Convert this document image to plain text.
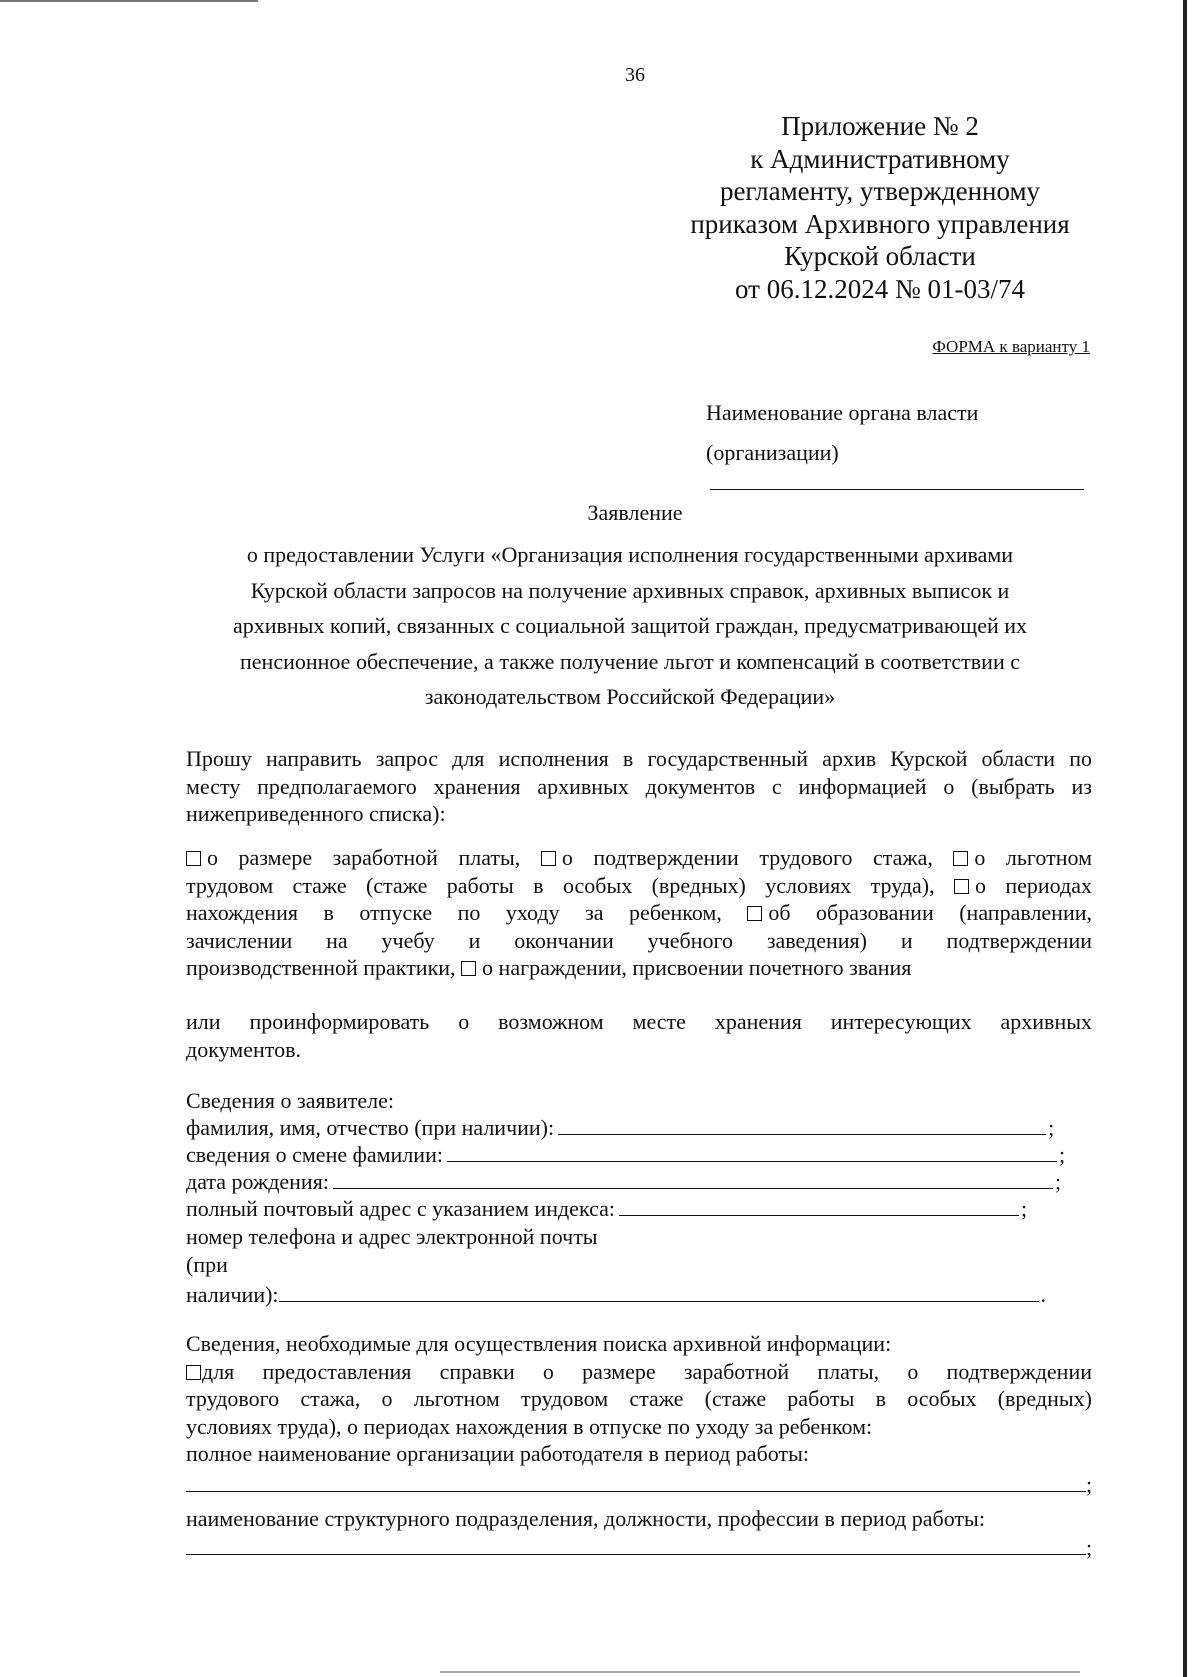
36
Приложение № 2
к Административному
регламенту, утвержденному
приказом Архивного управления
Курской области
от 06.12.2024 № 01-03/74
ФОРМА к варианту 1
Наименование органа власти
(организации)
Заявление
о предоставлении Услуги «Организация исполнения государственными архивами
Курской области запросов на получение архивных справок, архивных выписок и
архивных копий, связанных с социальной защитой граждан, предусматривающей их
пенсионное обеспечение, а также получение льгот и компенсаций в соответствии с
законодательством Российской Федерации»
Прошу направить запрос для исполнения в государственный архив Курской области по
месту предполагаемого хранения архивных документов с информацией о (выбрать из
нижеприведенного списка):
о размере заработной платы, о подтверждении трудового стажа, о льготном
трудовом стаже (стаже работы в особых (вредных) условиях труда), о периодах
нахождения в отпуске по уходу за ребенком, об образовании (направлении,
зачислении на учебу и окончании учебного заведения) и подтверждении
производственной практики, о награждении, присвоении почетного звания
или проинформировать о возможном месте хранения интересующих архивных
документов.
Сведения о заявителе:
фамилия, имя, отчество (при наличии):	;
сведения о смене фамилии:	;
дата рождения:	;
полный почтовый адрес с указанием индекса:	;
номер телефона и адрес электронной почты
(при
наличии):	.
Сведения, необходимые для осуществления поиска архивной информации:
для предоставления справки о размере заработной платы, о подтверждении
трудового стажа, о льготном трудовом стаже (стаже работы в особых (вредных)
условиях труда), о периодах нахождения в отпуске по уходу за ребенком:
полное наименование организации работодателя в период работы:
;
наименование структурного подразделения, должности, профессии в период работы:
;
